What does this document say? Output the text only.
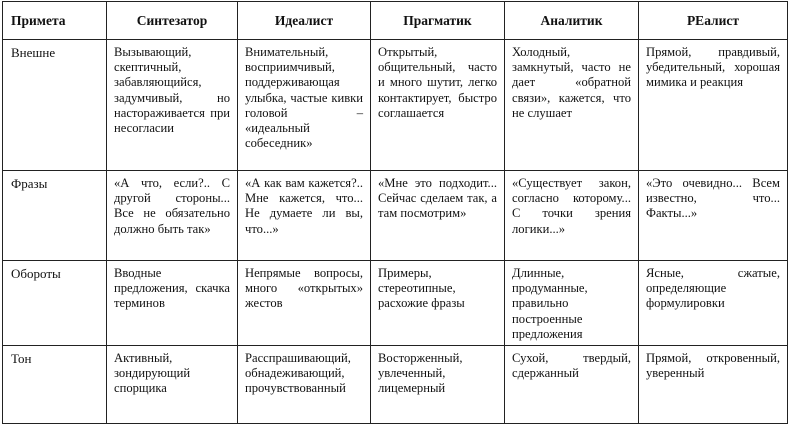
Примета	Синтезатор	Идеалист	Прагматик	Аналитик	РЕалист
Внешне	Вызывающий, скептичный, забавляющийся, задумчивый, но настораживается при несогласии	Внимательный, восприимчивый, поддерживающая улыбка, частые кивки головой – «идеальный собеседник»	Открытый, общительный, часто и много шутит, легко контактирует, быстро соглашается	Холодный, замкнутый, часто не дает «обратной связи», кажется, что не слушает	Прямой, правдивый, убедительный, хорошая мимика и реакция
Фразы	«А что, если?.. С другой стороны... Все не обязательно должно быть так»	«А как вам кажется?.. Мне кажется, что... Не думаете ли вы, что...»	«Мне это подходит... Сейчас сделаем так, а там посмотрим»	«Существует закон, согласно которому... С точки зрения логики...»	«Это очевидно... Всем известно, что... Факты...»
Обороты	Вводные предложения, скачка терминов	Непрямые вопросы, много «открытых» жестов	Примеры, стереотипные, расхожие фразы	Длинные, продуманные, правильно построенные предложения	Ясные, сжатые, определяющие формулировки
Тон	Активный, зондирующий спорщика	Расспрашивающий, обнадеживающий, прочувствованный	Восторженный, увлеченный, лицемерный	Сухой, твердый, сдержанный	Прямой, откровенный, уверенный
